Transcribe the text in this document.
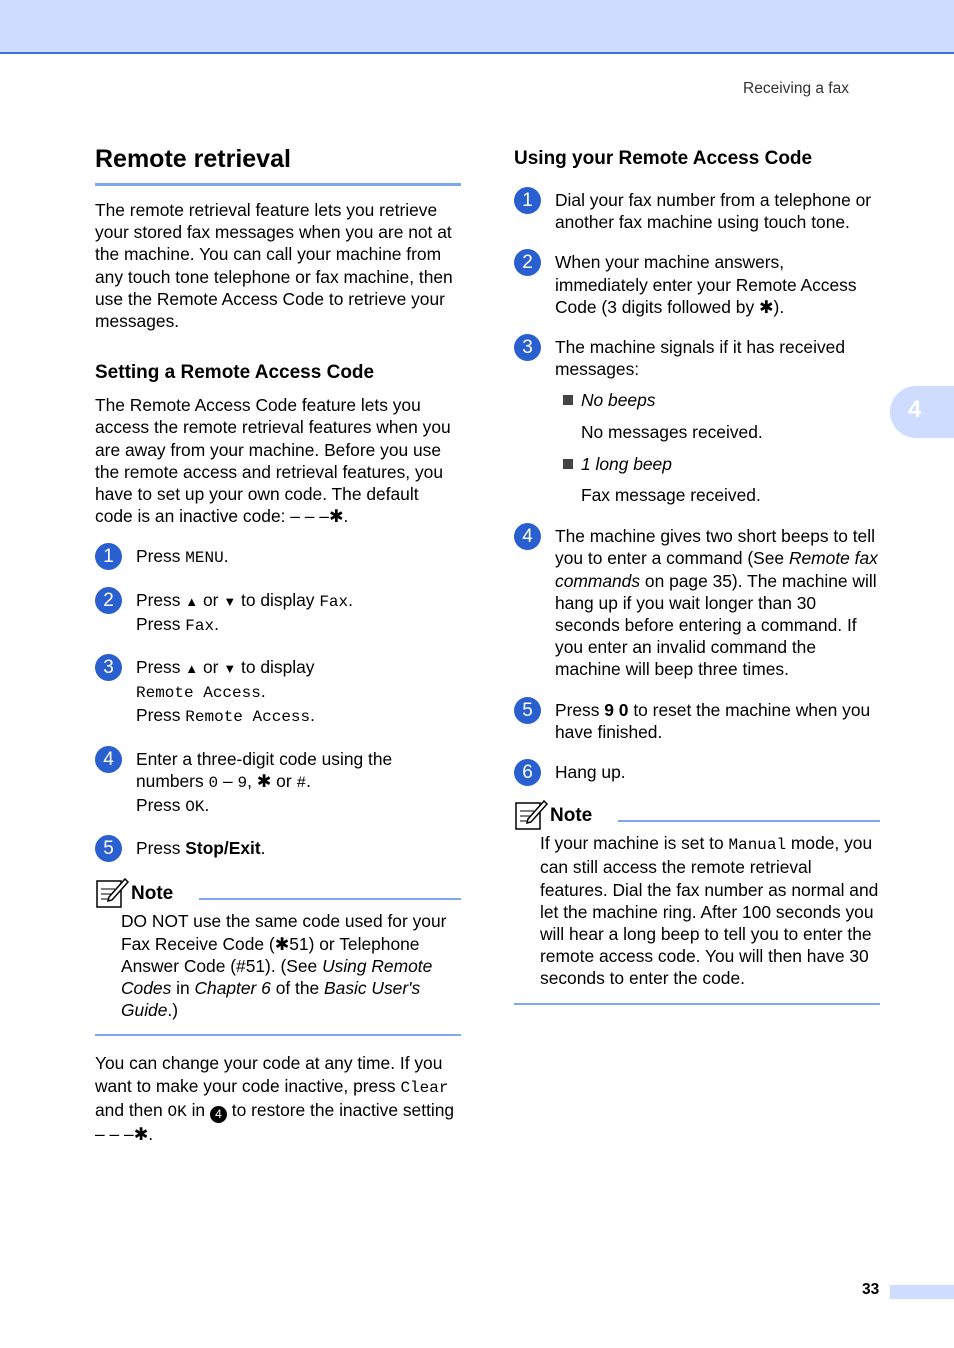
Receiving a fax
4
Remote retrieval

The remote retrieval feature lets you retrieve your stored fax messages when you are not at the machine. You can call your machine from any touch tone telephone or fax machine, then use the Remote Access Code to retrieve your messages.

Setting a Remote Access Code

The Remote Access Code feature lets you access the remote retrieval features when you are away from your machine. Before you use the remote access and retrieval features, you have to set up your own code. The default code is an inactive code: – – –✱.

1	Press MENU.
2	Press ▲ or ▼ to display Fax.
Press Fax.
3	Press ▲ or ▼ to display
Remote Access.
Press Remote Access.
4	Enter a three-digit code using the numbers 0 – 9, ✱ or #.
Press OK.
5	Press Stop/Exit.
Note

DO NOT use the same code used for your Fax Receive Code (✱51) or Telephone Answer Code (#51). (See Using Remote Codes in Chapter 6 of the Basic User's Guide.)

You can change your code at any time. If you want to make your code inactive, press Clear and then OK in 4 to restore the inactive setting – – –✱.

Using your Remote Access Code
1	Dial your fax number from a telephone or another fax machine using touch tone.
2	When your machine answers, immediately enter your Remote Access Code (3 digits followed by ✱).
3	The machine signals if it has received messages:
No beeps
No messages received.
1 long beep
Fax message received.
4	The machine gives two short beeps to tell you to enter a command (See Remote fax commands on page 35). The machine will hang up if you wait longer than 30 seconds before entering a command. If you enter an invalid command the machine will beep three times.
5	Press 9 0 to reset the machine when you have finished.
6	Hang up.
Note

If your machine is set to Manual mode, you can still access the remote retrieval features. Dial the fax number as normal and let the machine ring. After 100 seconds you will hear a long beep to tell you to enter the remote access code. You will then have 30 seconds to enter the code.

33
